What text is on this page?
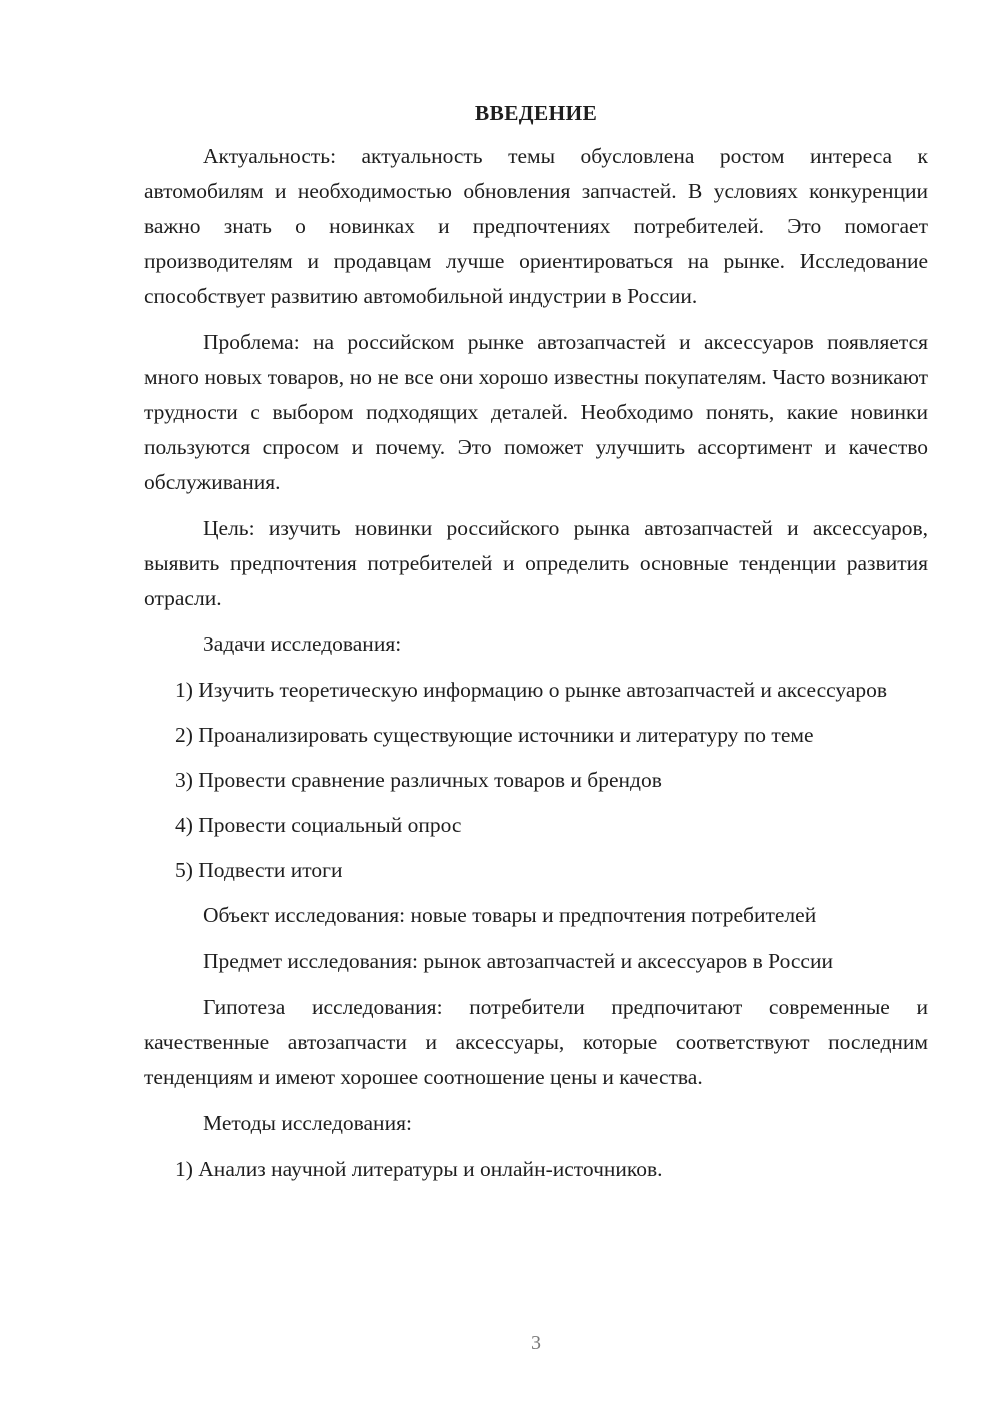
ВВЕДЕНИЕ

Актуальность: актуальность темы обусловлена ростом интереса к автомобилям и необходимостью обновления запчастей. В условиях конкуренции важно знать о новинках и предпочтениях потребителей. Это помогает производителям и продавцам лучше ориентироваться на рынке. Исследование способствует развитию автомобильной индустрии в России.

Проблема: на российском рынке автозапчастей и аксессуаров появляется много новых товаров, но не все они хорошо известны покупателям. Часто возникают трудности с выбором подходящих деталей. Необходимо понять, какие новинки пользуются спросом и почему. Это поможет улучшить ассортимент и качество обслуживания.

Цель: изучить новинки российского рынка автозапчастей и аксессуаров, выявить предпочтения потребителей и определить основные тенденции развития отрасли.

Задачи исследования:

1) Изучить теоретическую информацию о рынке автозапчастей и аксессуаров

2) Проанализировать существующие источники и литературу по теме

3) Провести сравнение различных товаров и брендов

4) Провести социальный опрос

5) Подвести итоги

Объект исследования: новые товары и предпочтения потребителей

Предмет исследования: рынок автозапчастей и аксессуаров в России

Гипотеза исследования: потребители предпочитают современные и качественные автозапчасти и аксессуары, которые соответствуют последним тенденциям и имеют хорошее соотношение цены и качества.

Методы исследования:

1) Анализ научной литературы и онлайн-источников.

3
